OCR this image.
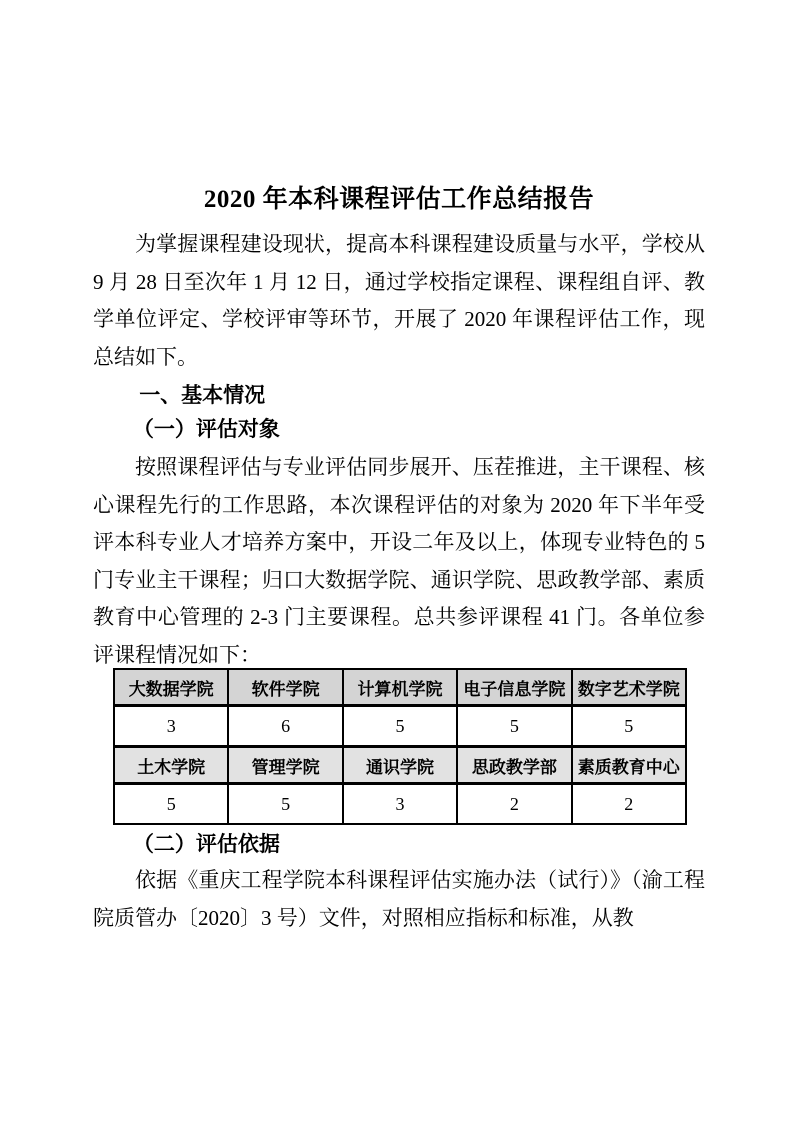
2020 年本科课程评估工作总结报告

为掌握课程建设现状，提高本科课程建设质量与水平，学校从 9 月 28 日至次年 1 月 12 日，通过学校指定课程、课程组自评、教学单位评定、学校评审等环节，开展了 2020 年课程评估工作，现总结如下。

一、基本情况
（一）评估对象

按照课程评估与专业评估同步展开、压茬推进，主干课程、核心课程先行的工作思路，本次课程评估的对象为 2020 年下半年受评本科专业人才培养方案中，开设二年及以上，体现专业特色的 5 门专业主干课程；归口大数据学院、通识学院、思政教学部、素质教育中心管理的 2-3 门主要课程。总共参评课程 41 门。各单位参评课程情况如下：

大数据学院	软件学院	计算机学院	电子信息学院	数字艺术学院
3	6	5	5	5
土木学院	管理学院	通识学院	思政教学部	素质教育中心
5	5	3	2	2
（二）评估依据

依据《重庆工程学院本科课程评估实施办法（试行）》（渝工程院质管办〔2020〕3 号）文件，对照相应指标和标准，从教
